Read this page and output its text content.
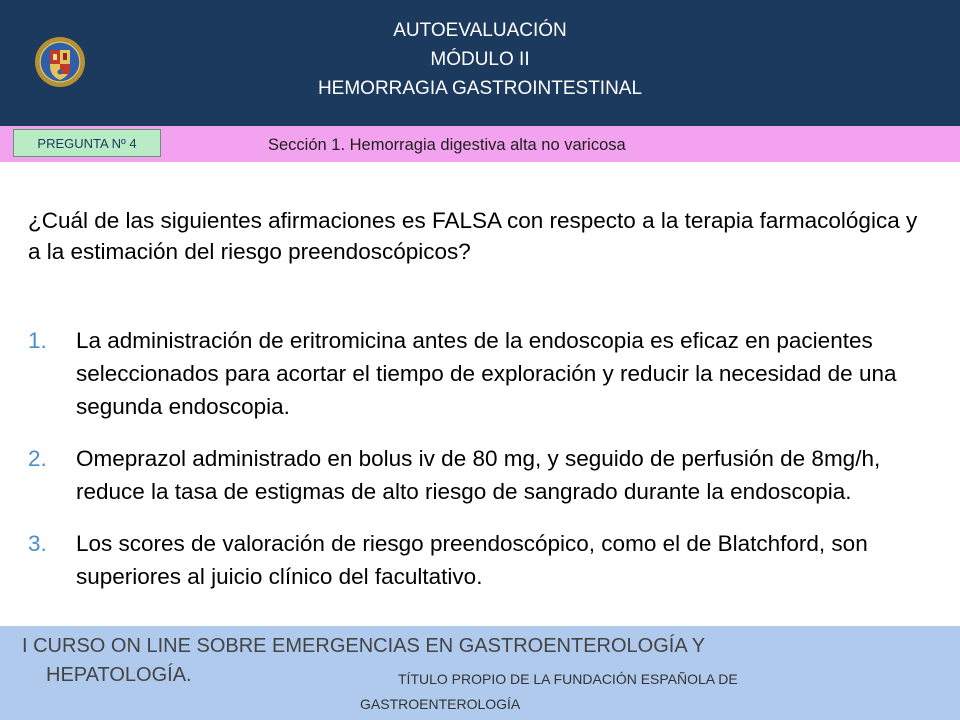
AUTOEVALUACIÓN
MÓDULO II
HEMORRAGIA GASTROINTESTINAL
PREGUNTA Nº 4	Sección 1. Hemorragia digestiva alta no varicosa
¿Cuál de las siguientes afirmaciones es FALSA con respecto a la terapia farmacológica y a la estimación del riesgo preendoscópicos?
1. La administración de eritromicina antes de la endoscopia es eficaz en pacientes seleccionados para acortar el tiempo de exploración y reducir la necesidad de una segunda endoscopia.
2. Omeprazol administrado en bolus iv de 80 mg, y seguido de perfusión de 8mg/h, reduce la tasa de estigmas de alto riesgo de sangrado durante la endoscopia.
3. Los scores de valoración de riesgo preendoscópico, como el de Blatchford, son superiores al juicio clínico del facultativo.
I CURSO ON LINE SOBRE EMERGENCIAS EN GASTROENTEROLOGÍA Y
HEPATOLOGÍA.	TÍTULO PROPIO DE LA FUNDACIÓN ESPAÑOLA DE
GASTROENTEROLOGÍA
